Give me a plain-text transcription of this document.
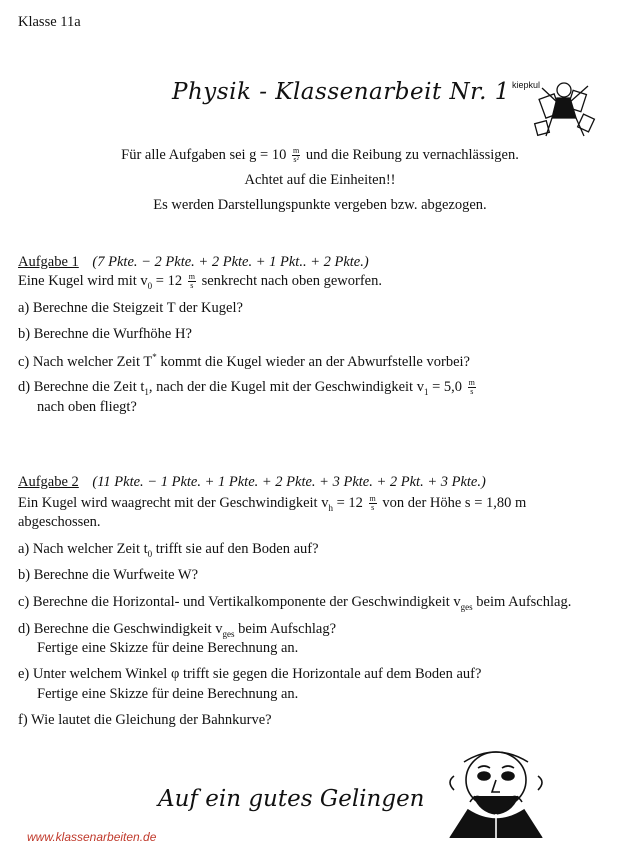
Klasse 11a
Physik - Klassenarbeit Nr. 1 kiepkul
Für alle Aufgaben sei $g = 10 \frac{m}{\text{s²}}$ und die Reibung zu vernachlässigen.
Achtet auf die Einheiten!!
Es werden Darstellungspunkte vergeben bzw. abgezogen.
Aufgabe 1 (7 Pkte. − 2 Pkte. + 2 Pkte. + 1 Pkt.. + 2 Pkte.)
Eine Kugel wird mit $v_0 = 12 \frac{m}{s}$ senkrecht nach oben geworfen.
a) Berechne die Steigzeit T der Kugel?
b) Berechne die Wurfhöhe H?
c) Nach welcher Zeit T* kommt die Kugel wieder an der Abwurfstelle vorbei?
d) Berechne die Zeit $t_1$, nach der die Kugel mit der Geschwindigkeit $v_1 = 5,0 \frac{m}{s}$
nach oben fliegt?
Aufgabe 2 (11 Pkte. − 1 Pkte. + 1 Pkte. + 2 Pkte. + 3 Pkte. + 2 Pkt. + 3 Pkte.)
Ein Kugel wird waagrecht mit der Geschwindigkeit $v_h = 12 \frac{m}{s}$ von der Höhe s = 1,80 m
abgeschossen.
a) Nach welcher Zeit $t_0$ trifft sie auf den Boden auf?
b) Berechne die Wurfweite W?
c) Berechne die Horizontal- und Vertikalkomponente der Geschwindigkeit $v_{ges}$ beim Aufschlag.
d) Berechne die Geschwindigkeit $v_{ges}$ beim Aufschlag?
Fertige eine Skizze für deine Berechnung an.
e) Unter welchem Winkel φ trifft sie gegen die Horizontale auf dem Boden auf?
Fertige eine Skizze für deine Berechnung an.
f) Wie lautet die Gleichung der Bahnkurve?
Auf ein gutes Gelingen
www.klassenarbeiten.de
